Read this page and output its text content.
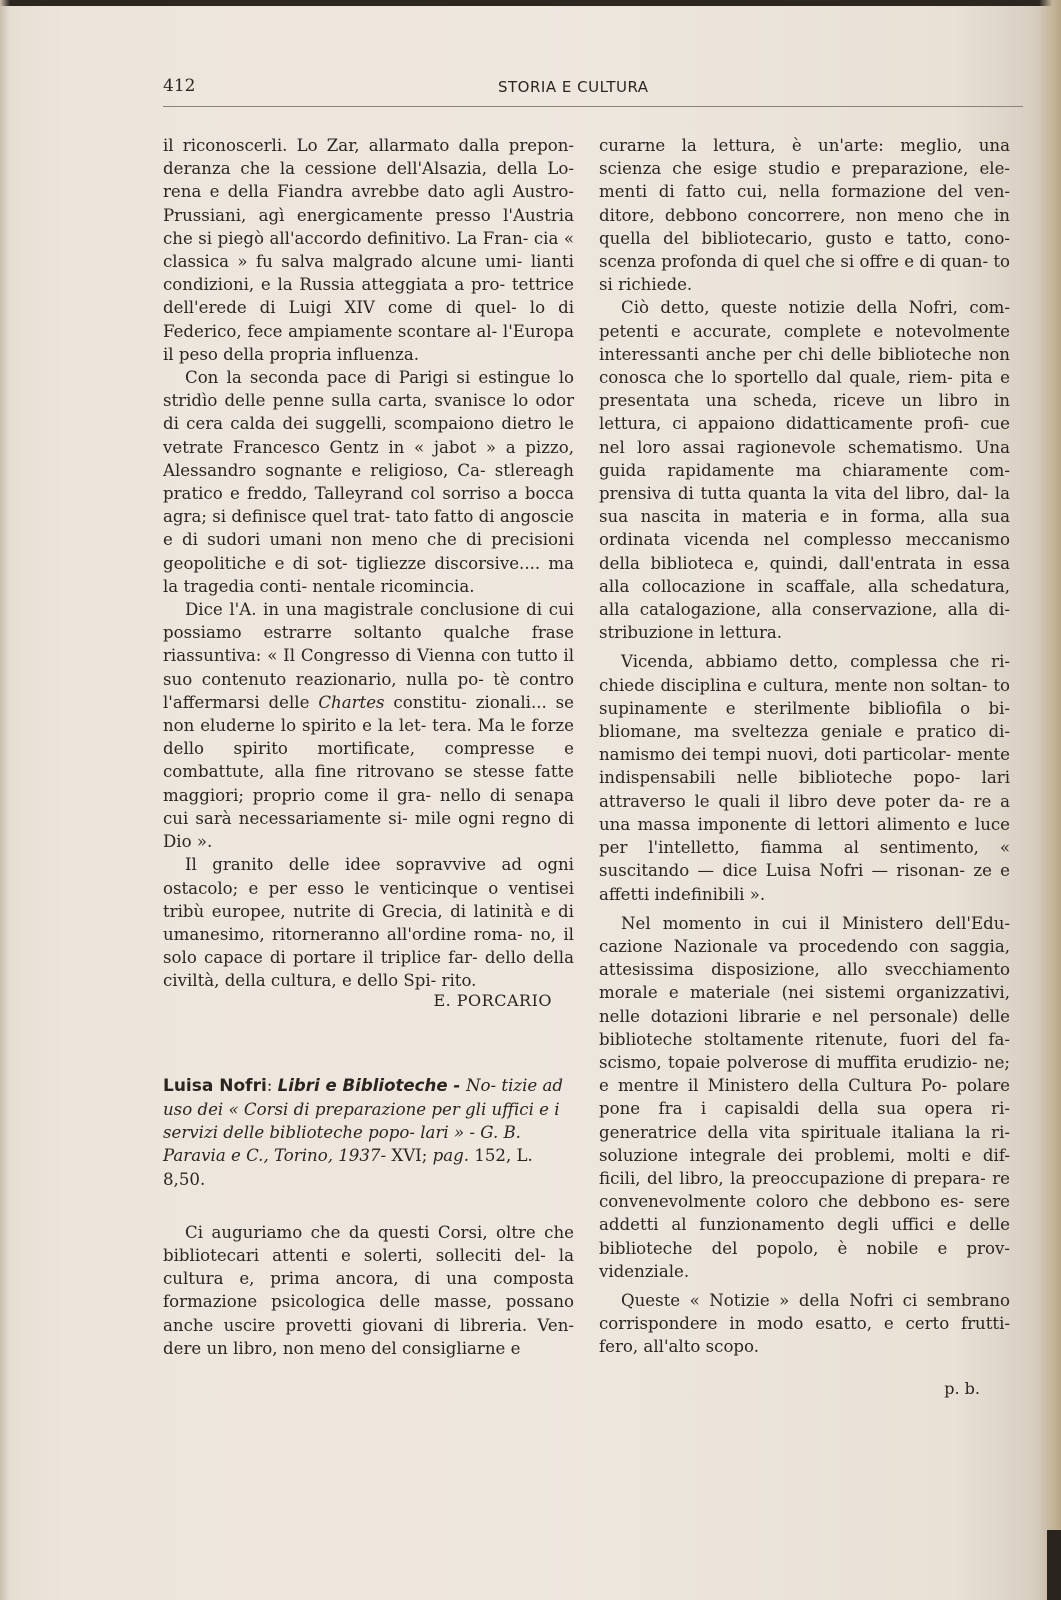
412	STORIA E CULTURA

il riconoscerli. Lo Zar, allarmato dalla prepon- deranza che la cessione dell'Alsazia, della Lo- rena e della Fiandra avrebbe dato agli Austro- Prussiani, agì energicamente presso l'Austria che si piegò all'accordo definitivo. La Fran- cia « classica » fu salva malgrado alcune umi- lianti condizioni, e la Russia atteggiata a pro- tettrice dell'erede di Luigi XIV come di quel- lo di Federico, fece ampiamente scontare al- l'Europa il peso della propria influenza.

Con la seconda pace di Parigi si estingue lo stridìo delle penne sulla carta, svanisce lo odor di cera calda dei suggelli, scompaiono dietro le vetrate Francesco Gentz in « jabot » a pizzo, Alessandro sognante e religioso, Ca- stlereagh pratico e freddo, Talleyrand col sorriso a bocca agra; si definisce quel trat- tato fatto di angoscie e di sudori umani non meno che di precisioni geopolitiche e di sot- tigliezze discorsive.... ma la tragedia conti- nentale ricomincia.

Dice l'A. in una magistrale conclusione di cui possiamo estrarre soltanto qualche frase riassuntiva: « Il Congresso di Vienna con tutto il suo contenuto reazionario, nulla po- tè contro l'affermarsi delle Chartes constitu- zionali... se non eluderne lo spirito e la let- tera. Ma le forze dello spirito mortificate, compresse e combattute, alla fine ritrovano se stesse fatte maggiori; proprio come il gra- nello di senapa cui sarà necessariamente si- mile ogni regno di Dio ».

Il granito delle idee sopravvive ad ogni ostacolo; e per esso le venticinque o ventisei tribù europee, nutrite di Grecia, di latinità e di umanesimo, ritorneranno all'ordine roma- no, il solo capace di portare il triplice far- dello della civiltà, della cultura, e dello Spi- rito.

E. PORCARIO
Luisa Nofri: Libri e Biblioteche - No- tizie ad uso dei « Corsi di preparazione per gli uffici e i servizi delle biblioteche popo- lari » - G. B. Paravia e C., Torino, 1937- XVI; pag. 152, L. 8,50.

Ci auguriamo che da questi Corsi, oltre che bibliotecari attenti e solerti, solleciti del- la cultura e, prima ancora, di una composta formazione psicologica delle masse, possano anche uscire provetti giovani di libreria. Ven- dere un libro, non meno del consigliarne e

curarne la lettura, è un'arte: meglio, una scienza che esige studio e preparazione, ele- menti di fatto cui, nella formazione del ven- ditore, debbono concorrere, non meno che in quella del bibliotecario, gusto e tatto, cono- scenza profonda di quel che si offre e di quan- to si richiede.

Ciò detto, queste notizie della Nofri, com- petenti e accurate, complete e notevolmente interessanti anche per chi delle biblioteche non conosca che lo sportello dal quale, riem- pita e presentata una scheda, riceve un libro in lettura, ci appaiono didatticamente profi- cue nel loro assai ragionevole schematismo. Una guida rapidamente ma chiaramente com- prensiva di tutta quanta la vita del libro, dal- la sua nascita in materia e in forma, alla sua ordinata vicenda nel complesso meccanismo della biblioteca e, quindi, dall'entrata in essa alla collocazione in scaffale, alla schedatura, alla catalogazione, alla conservazione, alla di- stribuzione in lettura.

Vicenda, abbiamo detto, complessa che ri- chiede disciplina e cultura, mente non soltan- to supinamente e sterilmente bibliofila o bi- bliomane, ma sveltezza geniale e pratico di- namismo dei tempi nuovi, doti particolar- mente indispensabili nelle biblioteche popo- lari attraverso le quali il libro deve poter da- re a una massa imponente di lettori alimento e luce per l'intelletto, fiamma al sentimento, « suscitando — dice Luisa Nofri — risonan- ze e affetti indefinibili ».

Nel momento in cui il Ministero dell'Edu- cazione Nazionale va procedendo con saggia, attesissima disposizione, allo svecchiamento morale e materiale (nei sistemi organizzativi, nelle dotazioni librarie e nel personale) delle biblioteche stoltamente ritenute, fuori del fa- scismo, topaie polverose di muffita erudizio- ne; e mentre il Ministero della Cultura Po- polare pone fra i capisaldi della sua opera ri- generatrice della vita spirituale italiana la ri- soluzione integrale dei problemi, molti e dif- ficili, del libro, la preoccupazione di prepara- re convenevolmente coloro che debbono es- sere addetti al funzionamento degli uffici e delle biblioteche del popolo, è nobile e prov- videnziale.

Queste « Notizie » della Nofri ci sembrano corrispondere in modo esatto, e certo frutti- fero, all'alto scopo.

p. b.
